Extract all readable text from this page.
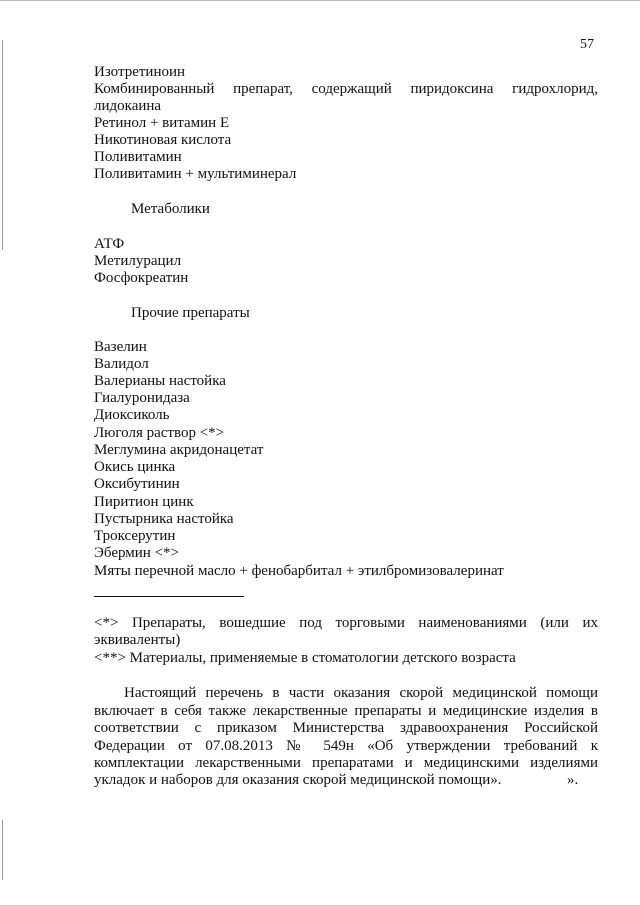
57
Изотретиноин
Комбинированный препарат, содержащий пиридоксина гидрохлорид,
лидокаина
Ретинол + витамин Е
Никотиновая кислота
Поливитамин
Поливитамин + мультиминерал
Метаболики
АТФ
Метилурацил
Фосфокреатин
Прочие препараты
Вазелин
Валидол
Валерианы настойка
Гиалуронидаза
Диоксиколь
Люголя раствор <*>
Меглумина акридонацетат
Окись цинка
Оксибутинин
Пиритион цинк
Пустырника настойка
Троксерутин
Эбермин <*>
Мяты перечной масло + фенобарбитал + этилбромизовалеринат
<*> Препараты, вошедшие под торговыми наименованиями (или их
эквиваленты)
<**> Материалы, применяемые в стоматологии детского возраста
Настоящий перечень в части оказания скорой медицинской помощи
включает в себя также лекарственные препараты и медицинские изделия в
соответствии с приказом Министерства здравоохранения Российской
Федерации от 07.08.2013 № 549н «Об утверждении требований к
комплектации лекарственными препаратами и медицинскими изделиями
укладок и наборов для оказания скорой медицинской помощи».	».
